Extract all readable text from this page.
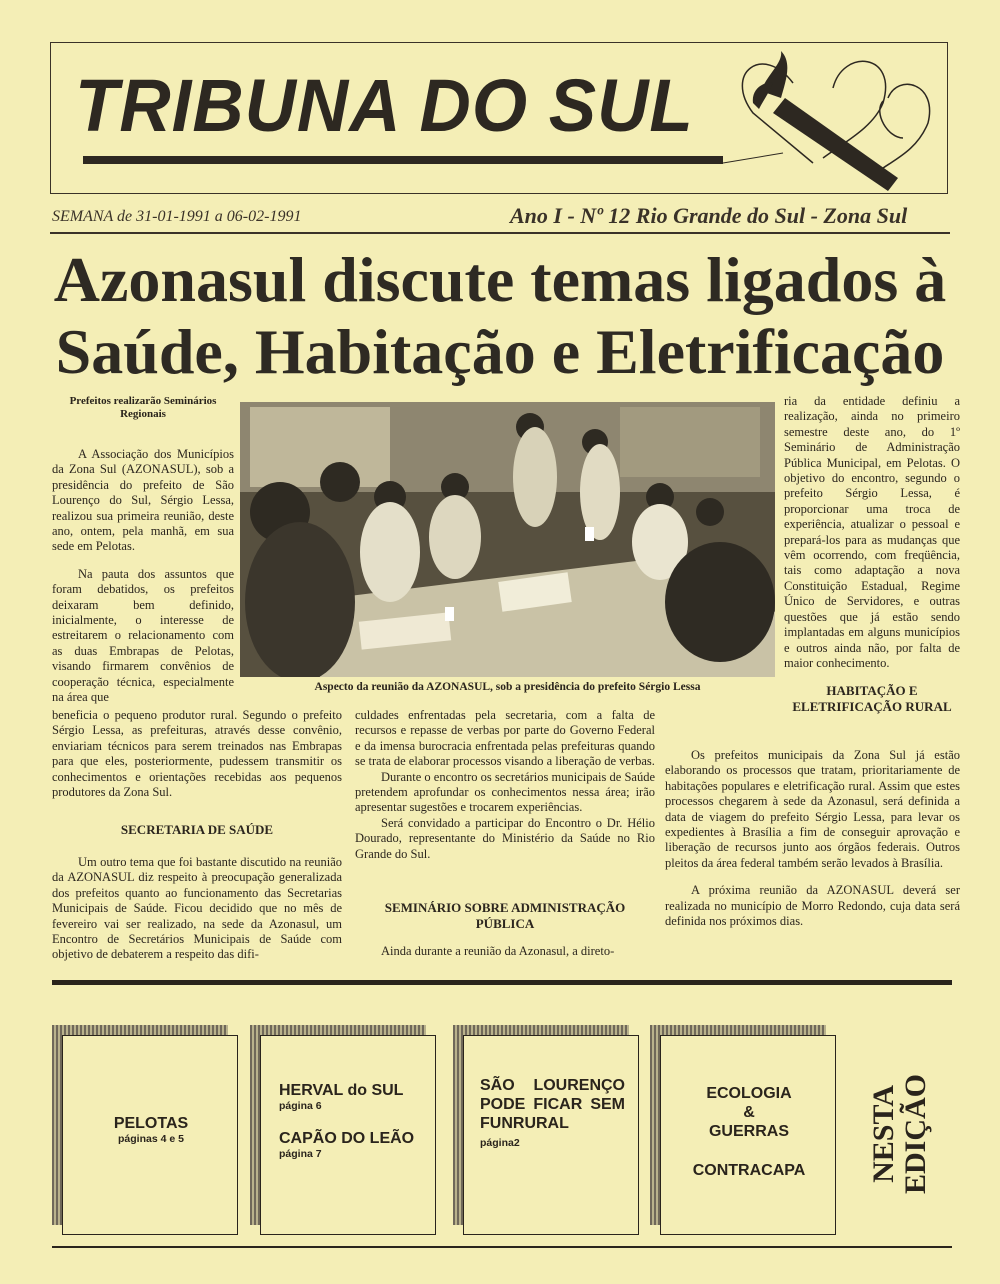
TRIBUNA DO SUL
SEMANA de 31-01-1991 a 06-02-1991	Ano I - Nº 12 Rio Grande do Sul - Zona Sul
Azonasul discute temas ligados à
Saúde, Habitação e Eletrificação
Prefeitos realizarão Seminários Regionais

A Associação dos Municípios da Zona Sul (AZONASUL), sob a presidência do prefeito de São Lourenço do Sul, Sérgio Lessa, realizou sua primeira reunião, deste ano, ontem, pela manhã, em sua sede em Pelotas.

Na pauta dos assuntos que foram debatidos, os prefeitos deixaram bem definido, inicialmente, o interesse de estreitarem o relacionamento com as duas Embrapas de Pelotas, visando firmarem convênios de cooperação técnica, especialmente na área que

beneficia o pequeno produtor rural. Segundo o prefeito Sérgio Lessa, as prefeituras, através desse convênio, enviariam técnicos para serem treinados nas Embrapas para que eles, posteriormente, pudessem transmitir os conhecimentos e orientações recebidas aos pequenos produtores da Zona Sul.

SECRETARIA DE SAÚDE

Um outro tema que foi bastante discutido na reunião da AZONASUL diz respeito à preocupação generalizada dos prefeitos quanto ao funcionamento das Secretarias Municipais de Saúde. Ficou decidido que no mês de fevereiro vai ser realizado, na sede da Azonasul, um Encontro de Secretários Municipais de Saúde com objetivo de debaterem a respeito das difi-

Aspecto da reunião da AZONASUL, sob a presidência do prefeito Sérgio Lessa

culdades enfrentadas pela secretaria, com a falta de recursos e repasse de verbas por parte do Governo Federal e da imensa burocracia enfrentada pelas prefeituras quando se trata de elaborar processos visando a liberação de verbas.

Durante o encontro os secretários municipais de Saúde pretendem aprofundar os conhecimentos nessa área; irão apresentar sugestões e trocarem experiências.

Será convidado a participar do Encontro o Dr. Hélio Dourado, representante do Ministério da Saúde no Rio Grande do Sul.

SEMINÁRIO SOBRE ADMINISTRAÇÃO PÚBLICA

Ainda durante a reunião da Azonasul, a direto-

ria da entidade definiu a realização, ainda no primeiro semestre deste ano, do 1º Seminário de Administração Pública Municipal, em Pelotas. O objetivo do encontro, segundo o prefeito Sérgio Lessa, é proporcionar uma troca de experiência, atualizar o pessoal e prepará-los para as mudanças que vêm ocorrendo, com freqüência, tais como adaptação a nova Constituição Estadual, Regime Único de Servidores, e outras questões que já estão sendo implantadas em alguns municípios e outros ainda não, por falta de maior conhecimento.

HABITAÇÃO E ELETRIFICAÇÃO RURAL

Os prefeitos municipais da Zona Sul já estão elaborando os processos que tratam, prioritariamente de habitações populares e eletrificação rural. Assim que estes processos chegarem à sede da Azonasul, será definida a data de viagem do prefeito Sérgio Lessa, para levar os expedientes à Brasília a fim de conseguir aprovação e liberação de recursos junto aos órgãos federais. Outros pleitos da área federal também serão levados à Brasília.

A próxima reunião da AZONASUL deverá ser realizada no município de Morro Redondo, cuja data será definida nos próximos dias.

PELOTAS
páginas 4 e 5
HERVAL do SUL
página 6
CAPÃO DO LEÃO
página 7
SÃO LOURENÇO PODE FICAR SEM FUNRURAL
página2
ECOLOGIA
&
GUERRAS
CONTRACAPA	NESTA EDIÇÃO
